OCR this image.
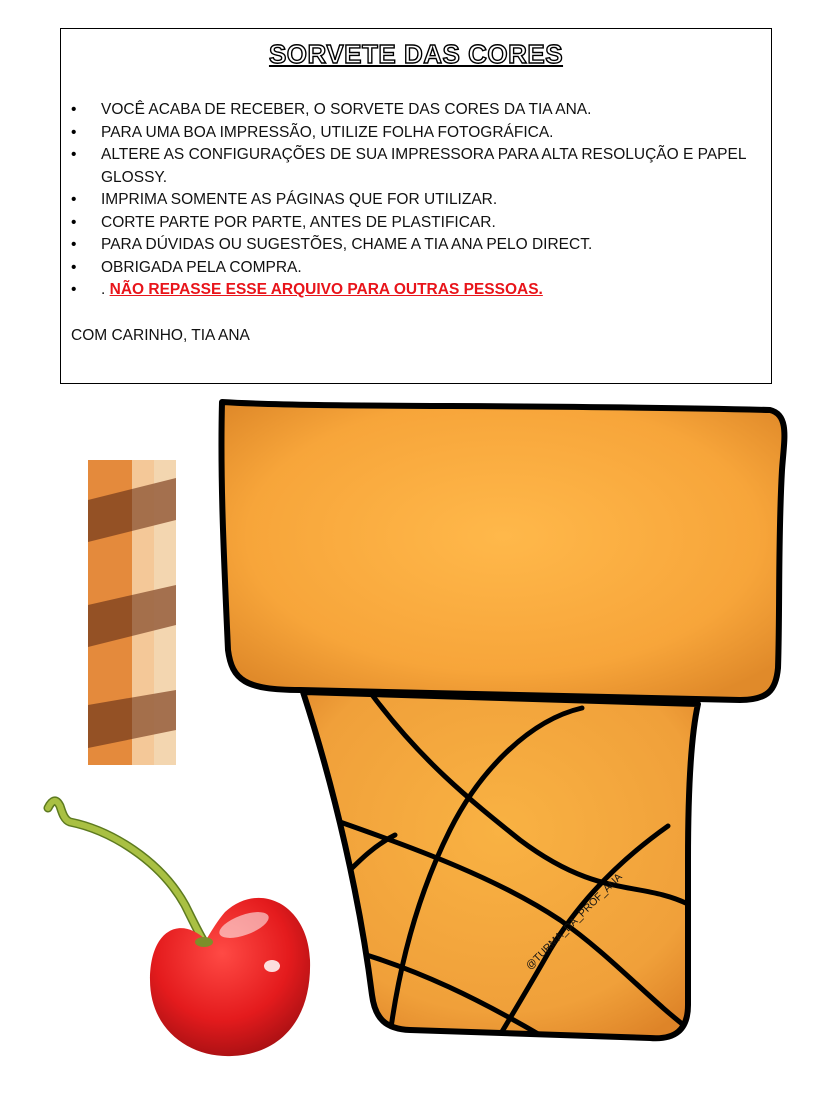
SORVETE DAS CORES
• VOCÊ ACABA DE RECEBER, O SORVETE DAS CORES DA TIA ANA.
• PARA UMA BOA IMPRESSÃO, UTILIZE FOLHA FOTOGRÁFICA.
• ALTERE AS CONFIGURAÇÕES DE SUA IMPRESSORA PARA ALTA RESOLUÇÃO E PAPEL GLOSSY.
• IMPRIMA SOMENTE AS PÁGINAS QUE FOR UTILIZAR.
• CORTE PARTE POR PARTE, ANTES DE PLASTIFICAR.
• PARA DÚVIDAS OU SUGESTÕES, CHAME A TIA ANA PELO DIRECT.
• OBRIGADA PELA COMPRA.
• . NÃO REPASSE ESSE ARQUIVO PARA OUTRAS PESSOAS.
COM CARINHO, TIA ANA
@TURMA_DA_PROF_ANA
